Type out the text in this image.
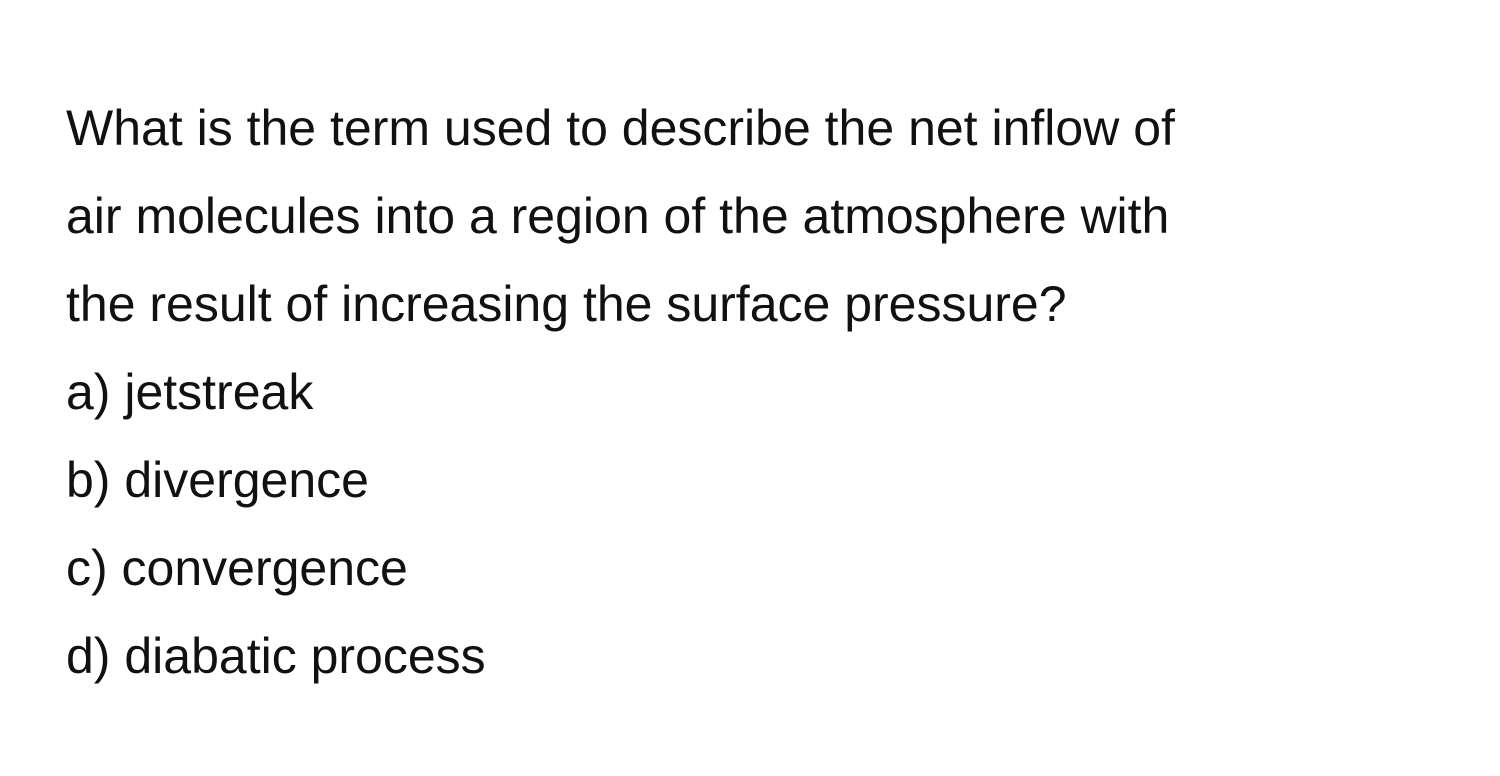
What is the term used to describe the net inflow of
air molecules into a region of the atmosphere with
the result of increasing the surface pressure?
a) jetstreak
b) divergence
c) convergence
d) diabatic process
